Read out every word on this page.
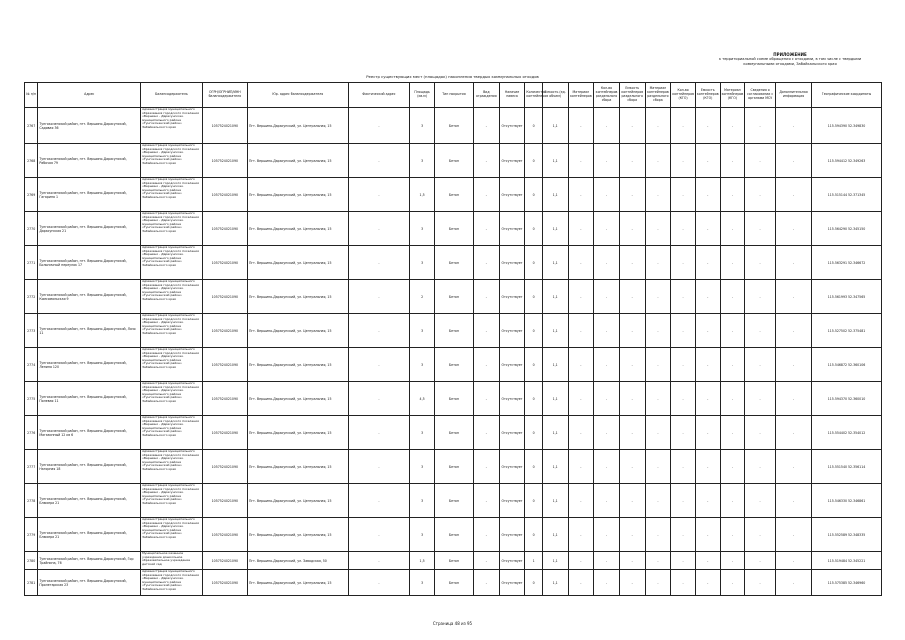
ПРИЛОЖЕНИЕ
к территориальной схеме обращения с отходами, в том числе с твердыми
коммунальными отходами, Забайкальского края
Реестр существующих мест (площадок) накопления твердых коммунальных отходов
№ п/п	Адрес	Балансодержатель	ОГРН/ОГРНИП/ИНН балансодержателя	Юр. адрес балансодержателя	Фактический адрес	Площадь (кв.м)	Тип покрытия	Вид ограждения	Наличие навеса	Количество контейнеров	Емкость (ед. объем)	Материал контейнеров	Кол-во контейнеров раздельного сбора	Емкость контейнеров раздельного сбора	Материал контейнеров раздельного сбора	Кол-во контейнеров (КГО)	Емкость контейнеров (КГО)	Материал контейнеров (КГО)	Сведения о согласовании с органами МСУ	Дополнительная информация	Географические координаты
2767	Тунгокоченский район, пгт. Вершино-Дарасунский, Садовая 36	Администрация муниципального образования городского поселения «Вершино - Дарасунское» муниципального района «Тунгокоченский район» Забайкальского края	1057524021090	Пгт. Вершино-Дарасунский, ул. Центральная, 15	-	3	Бетон	-	Отсутствует	0	1,1	-	-	-	-	-	-	-	-	-	115.594390 52.349830
2768	Тунгокоченский район, пгт. Вершино-Дарасунский, Рабочая 79	Администрация муниципального образования городского поселения «Вершино - Дарасунское» муниципального района «Тунгокоченский район» Забайкальского края	1057524021090	Пгт. Вершино-Дарасунский, ул. Центральная, 15	-	3	Бетон	-	Отсутствует	0	1,1	-	-	-	-	-	-	-	-	-	115.594412 52.349263
2769	Тунгокоченский район, пгт. Вершино-Дарасунский, Гагарина 1	Администрация муниципального образования городского поселения «Вершино - Дарасунское» муниципального района «Тунгокоченский район» Забайкальского края	1057524021090	Пгт. Вершино-Дарасунский, ул. Центральная, 15	-	1,5	Бетон	-	Отсутствует	0	1,1	-	-	-	-	-	-	-	-	-	115.515144 52.371345
2770	Тунгокоченский район, пгт. Вершино-Дарасунский, Дарасунская 21	Администрация муниципального образования городского поселения «Вершино - Дарасунское» муниципального района «Тунгокоченский район» Забайкальского края	1057524021090	Пгт. Вершино-Дарасунский, ул. Центральная, 15	-	3	Бетон	-	Отсутствует	0	1,1	-	-	-	-	-	-	-	-	-	115.564290 52.345150
2771	Тунгокоченский район, пгт. Вершино-Дарасунский, Больничный переулок 17	Администрация муниципального образования городского поселения «Вершино - Дарасунское» муниципального района «Тунгокоченский район» Забайкальского края	1057524021090	Пгт. Вершино-Дарасунский, ул. Центральная, 15	-	3	Бетон	-	Отсутствует	0	1,1	-	-	-	-	-	-	-	-	-	115.563291 52.346672
2772	Тунгокоченский район, пгт. Вершино-Дарасунский, Комсомольская 9	Администрация муниципального образования городского поселения «Вершино - Дарасунское» муниципального района «Тунгокоченский район» Забайкальского края	1057524021090	Пгт. Вершино-Дарасунский, ул. Центральная, 15	-	2	Бетон	-	Отсутствует	0	1,1	-	-	-	-	-	-	-	-	-	115.561993 52.347565
2773	Тунгокоченский район, пгт. Вершино-Дарасунский, Лазо 11	Администрация муниципального образования городского поселения «Вершино - Дарасунское» муниципального района «Тунгокоченский район» Забайкальского края	1057524021090	Пгт. Вершино-Дарасунский, ул. Центральная, 15	-	3	Бетон	-	Отсутствует	0	1,1	-	-	-	-	-	-	-	-	-	115.527502 52.375481
2774	Тунгокоченский район, пгт. Вершино-Дарасунский, Ленина 120	Администрация муниципального образования городского поселения «Вершино - Дарасунское» муниципального района «Тунгокоченский район» Забайкальского края	1057524021090	Пгт. Вершино-Дарасунский, ул. Центральная, 15	-	3	Бетон	-	Отсутствует	0	1,1	-	-	-	-	-	-	-	-	-	115.546872 52.360106
2775	Тунгокоченский район, пгт. Вершино-Дарасунский, Полевая 11	Администрация муниципального образования городского поселения «Вершино - Дарасунское» муниципального района «Тунгокоченский район» Забайкальского края	1057524021090	Пгт. Вершино-Дарасунский, ул. Центральная, 15	-	4,5	Бетон	-	Отсутствует	0	1,1	-	-	-	-	-	-	-	-	-	115.594370 52.360010
2776	Тунгокоченский район, пгт. Вершино-Дарасунский, Магазинный 12 кв 6	Администрация муниципального образования городского поселения «Вершино - Дарасунское» муниципального района «Тунгокоченский район» Забайкальского края	1057524021090	Пгт. Вершино-Дарасунский, ул. Центральная, 15	-	3	Бетон	-	Отсутствует	0	1,1	-	-	-	-	-	-	-	-	-	115.554402 52.354012
2777	Тунгокоченский район, пгт. Вершино-Дарасунский, Нагорная 18	Администрация муниципального образования городского поселения «Вершино - Дарасунское» муниципального района «Тунгокоченский район» Забайкальского края	1057524021090	Пгт. Вершино-Дарасунский, ул. Центральная, 15	-	3	Бетон	-	Отсутствует	0	1,1	-	-	-	-	-	-	-	-	-	115.551540 52.356114
2778	Тунгокоченский район, пгт. Вершино-Дарасунский, Блюхера 21	Администрация муниципального образования городского поселения «Вершино - Дарасунское» муниципального района «Тунгокоченский район» Забайкальского края	1057524021090	Пгт. Вершино-Дарасунский, ул. Центральная, 15	-	3	Бетон	-	Отсутствует	0	1,1	-	-	-	-	-	-	-	-	-	115.546330 52.346861
2779	Тунгокоченский район, пгт. Вершино-Дарасунский, Блюхера 21	Администрация муниципального образования городского поселения «Вершино - Дарасунское» муниципального района «Тунгокоченский район» Забайкальского края	1057524021090	Пгт. Вершино-Дарасунский, ул. Центральная, 15	-	3	Бетон	-	Отсутствует	0	1,1	-	-	-	-	-	-	-	-	-	115.552589 52.348335
2780	Тунгокоченский район, пгт. Вершино-Дарасунский, Гор Трайнина, 76	Муниципальное казенное учреждение дошкольное образовательное учреждение детский сад	1057524021090	Пгт. Вершино-Дарасунский, ул. Заводская, 50	-	1,5	Бетон	-	Отсутствует	1	1,1	-	-	-	-	-	-	-	-	-	115.519484 52.345221
2781	Тунгокоченский район, пгт. Вершино-Дарасунский, Пролетарская 23	Администрация муниципального образования городского поселения «Вершино - Дарасунское» муниципального района «Тунгокоченский район» Забайкальского края	1057524021090	Пгт. Вершино-Дарасунский, ул. Центральная, 15	-	3	Бетон	-	Отсутствует	0	1,1	-	-	-	-	-	-	-	-	-	115.575385 52.346960
Страница 48 из 95
